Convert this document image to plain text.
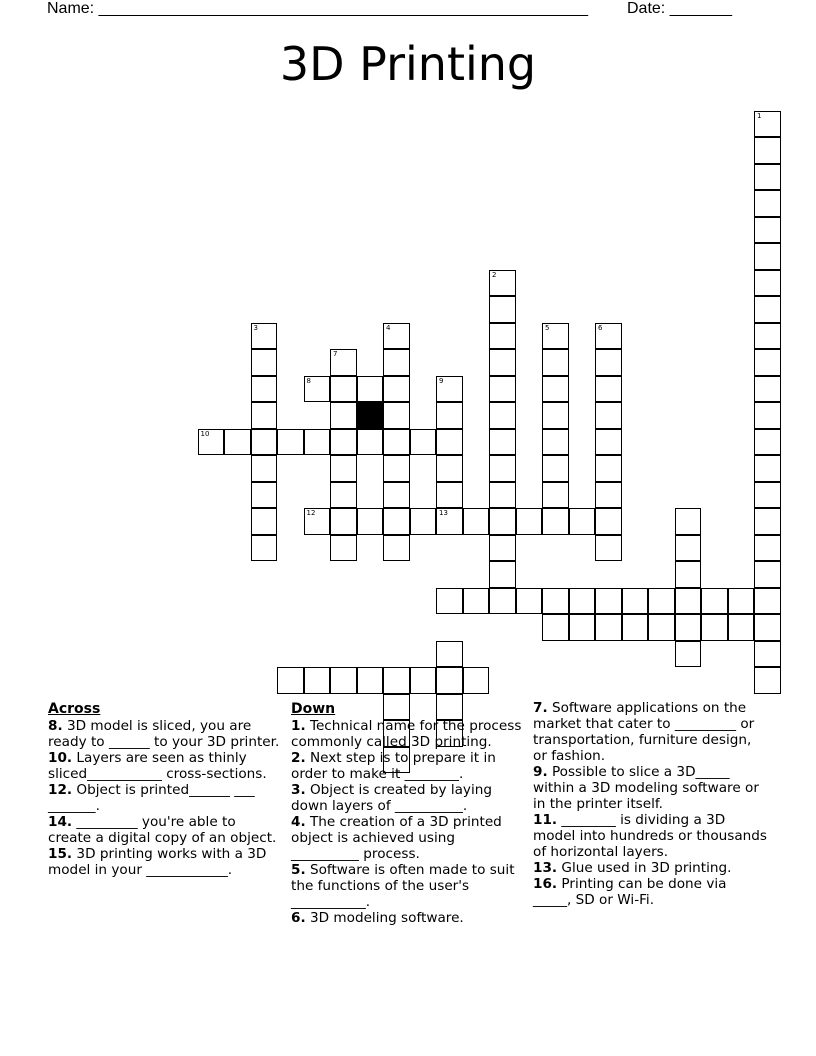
Name: _______________________________________________________ Date: _______
3D Printing
1
2
3	4	5	6
7
9
8
10
12	13
Across
8. 3D model is sliced, you are ready to ______ to your 3D printer.
10. Layers are seen as thinly sliced___________ cross-sections.
12. Object is printed______ ___ _______.
14. _________ you're able to create a digital copy of an object.
15. 3D printing works with a 3D model in your ____________.
Down
1. Technical name for the process commonly called 3D printing.
2. Next step is to prepare it in order to make it ________.
3. Object is created by laying down layers of __________.
4. The creation of a 3D printed object is achieved using __________ process.
5. Software is often made to suit the functions of the user's ___________.
6. 3D modeling software.
7. Software applications on the market that cater to _________ or transportation, furniture design, or fashion.
9. Possible to slice a 3D_____ within a 3D modeling software or in the printer itself.
11. ________ is dividing a 3D model into hundreds or thousands of horizontal layers.
13. Glue used in 3D printing.
16. Printing can be done via _____, SD or Wi-Fi.
